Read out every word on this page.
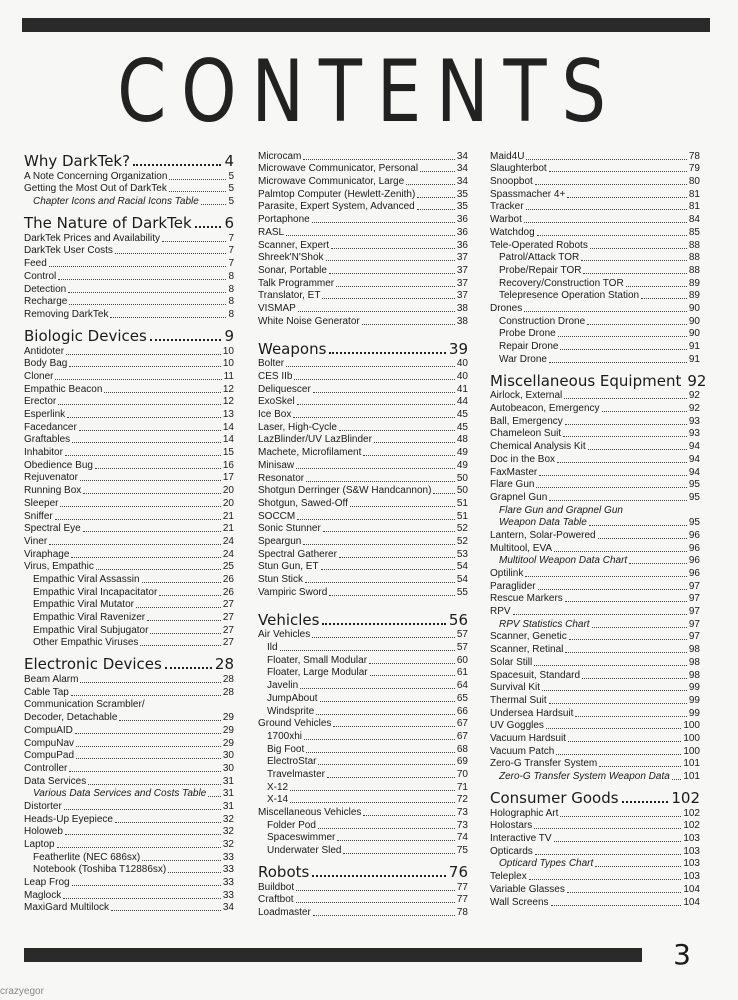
CONTENTS
Why DarkTek?	4
A Note Concerning Organization	5
Getting the Most Out of DarkTek	5
Chapter Icons and Racial Icons Table	5
The Nature of DarkTek 6
DarkTek Prices and Availability	7
DarkTek User Costs	7
Feed	7
Control	8
Detection	8
Recharge	8
Removing DarkTek	8
Biologic Devices	9
Antidoter	10
Body Bag	10
Cloner	11
Empathic Beacon	12
Erector	12
Esperlink	13
Facedancer	14
Graftables	14
Inhabitor	15
Obedience Bug	16
Rejuvenator	17
Running Box	20
Sleeper	20
Sniffer	21
Spectral Eye	21
Viner	24
Viraphage	24
Virus, Empathic	25
Empathic Viral Assassin	26
Empathic Viral Incapacitator	26
Empathic Viral Mutator	27
Empathic Viral Ravenizer	27
Empathic Viral Subjugator	27
Other Empathic Viruses	27
Electronic Devices	28
Beam Alarm	28
Cable Tap	28
Communication Scrambler/
Decoder, Detachable	29
CompuAID	29
CompuNav	29
CompuPad	30
Controller	30
Data Services	31
Various Data Services and Costs Table 31
Distorter	31
Heads-Up Eyepiece	32
Holoweb	32
Laptop	32
Featherlite (NEC 686sx)	33
Notebook (Toshiba T12886sx)	33
Leap Frog	33
Maglock	33
MaxiGard Multilock	34
Microcam	34
Microwave Communicator, Personal	34
Microwave Communicator, Large	34
Palmtop Computer (Hewlett-Zenith)	35
Parasite, Expert System, Advanced	35
Portaphone	36
RASL	36
Scanner, Expert	36
Shreek'N'Shok	37
Sonar, Portable	37
Talk Programmer	37
Translator, ET	37
VISMAP	38
White Noise Generator	38
Weapons	39
Bolter	40
CES IIb	40
Deliquescer	41
ExoSkel	44
Ice Box	45
Laser, High-Cycle	45
LazBlinder/UV LazBlinder	48
Machete, Microfilament	49
Minisaw	49
Resonator	50
Shotgun Derringer (S&W Handcannon)	50
Shotgun, Sawed-Off	51
SOCCM	51
Sonic Stunner	52
Speargun	52
Spectral Gatherer	53
Stun Gun, ET	54
Stun Stick	54
Vampiric Sword	55
Vehicles	56
Air Vehicles	57
Ild	57
Floater, Small Modular	60
Floater, Large Modular	61
Javelin	64
JumpAbout	65
Windsprite	66
Ground Vehicles	67
1700xhi	67
Big Foot	68
ElectroStar	69
Travelmaster	70
X-12	71
X-14	72
Miscellaneous Vehicles	73
Folder Pod	73
Spaceswimmer	74
Underwater Sled	75
Robots	76
Buildbot	77
Craftbot	77
Loadmaster	78
Maid4U	78
Slaughterbot	79
Snoopbot	80
Spassmacher 4+	81
Tracker	81
Warbot	84
Watchdog	85
Tele-Operated Robots	88
Patrol/Attack TOR	88
Probe/Repair TOR	88
Recovery/Construction TOR	89
Telepresence Operation Station	89
Drones	90
Construction Drone	90
Probe Drone	90
Repair Drone	91
War Drone	91
Miscellaneous Equipment 92
Airlock, External	92
Autobeacon, Emergency	92
Ball, Emergency	93
Chameleon Suit	93
Chemical Analysis Kit	94
Doc in the Box	94
FaxMaster	94
Flare Gun	95
Grapnel Gun	95
Flare Gun and Grapnel Gun
Weapon Data Table	95
Lantern, Solar-Powered	96
Multitool, EVA	96
Multitool Weapon Data Chart	96
Optilink	96
Paraglider	97
Rescue Markers	97
RPV	97
RPV Statistics Chart	97
Scanner, Genetic	97
Scanner, Retinal	98
Solar Still	98
Spacesuit, Standard	98
Survival Kit	99
Thermal Suit	99
Undersea Hardsuit	99
UV Goggles	100
Vacuum Hardsuit	100
Vacuum Patch	100
Zero-G Transfer System	101
Zero-G Transfer System Weapon Data 101
Consumer Goods	102
Holographic Art	102
Holostars	102
Interactive TV	103
Opticards	103
Opticard Types Chart	103
Teleplex	103
Variable Glasses	104
Wall Screens	104
3
crazyegor
